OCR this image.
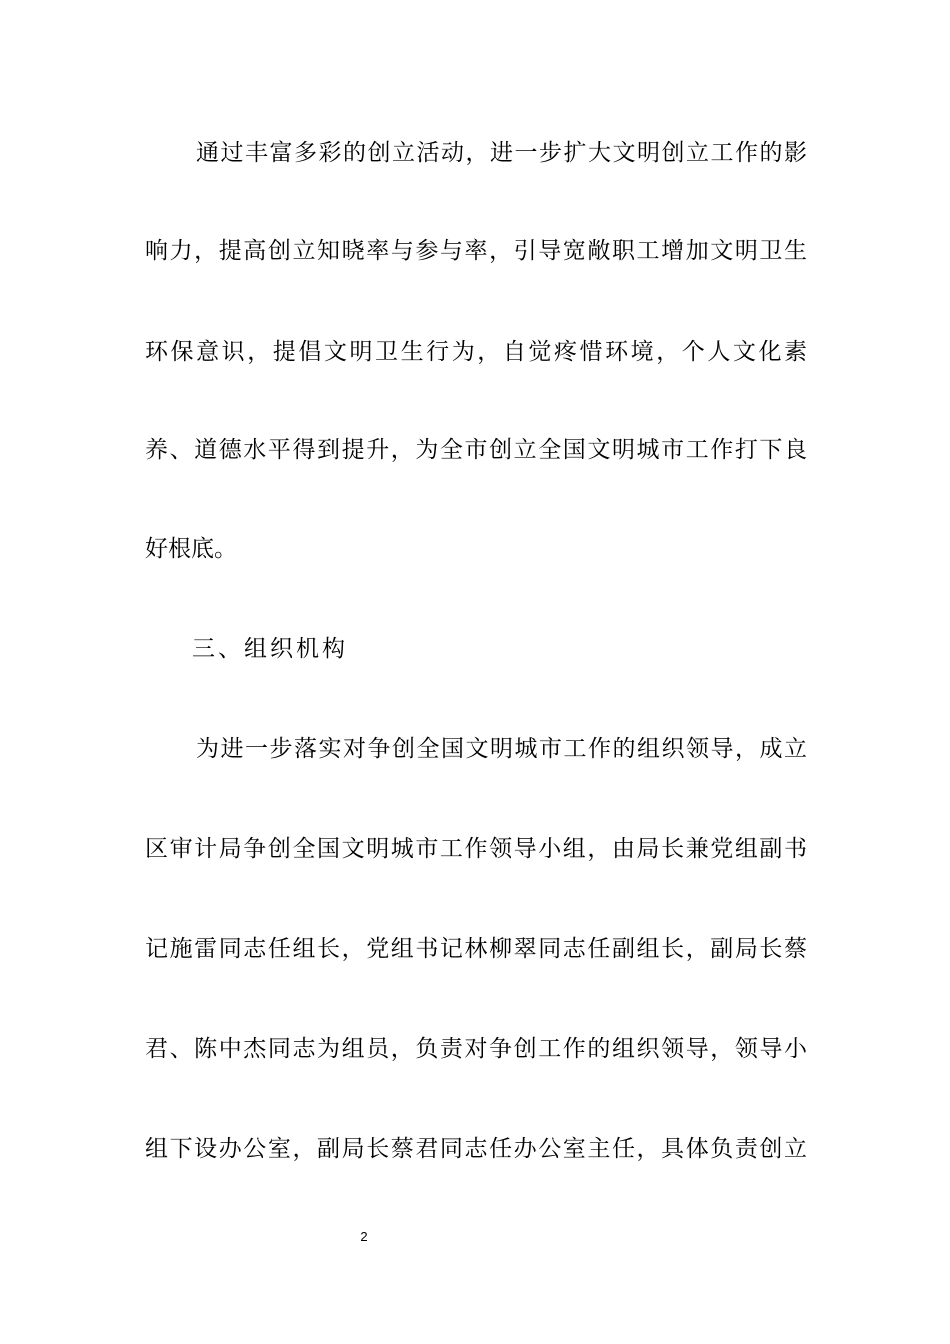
通过丰富多彩的创立活动，进一步扩大文明创立工作的影
响力，提高创立知晓率与参与率，引导宽敞职工增加文明卫生
环保意识，提倡文明卫生行为，自觉疼惜环境，个人文化素
养、道德水平得到提升，为全市创立全国文明城市工作打下良
好根底。
三、组织机构
为进一步落实对争创全国文明城市工作的组织领导，成立
区审计局争创全国文明城市工作领导小组，由局长兼党组副书
记施雷同志任组长，党组书记林柳翠同志任副组长，副局长蔡
君、陈中杰同志为组员，负责对争创工作的组织领导，领导小
组下设办公室，副局长蔡君同志任办公室主任，具体负责创立
2
